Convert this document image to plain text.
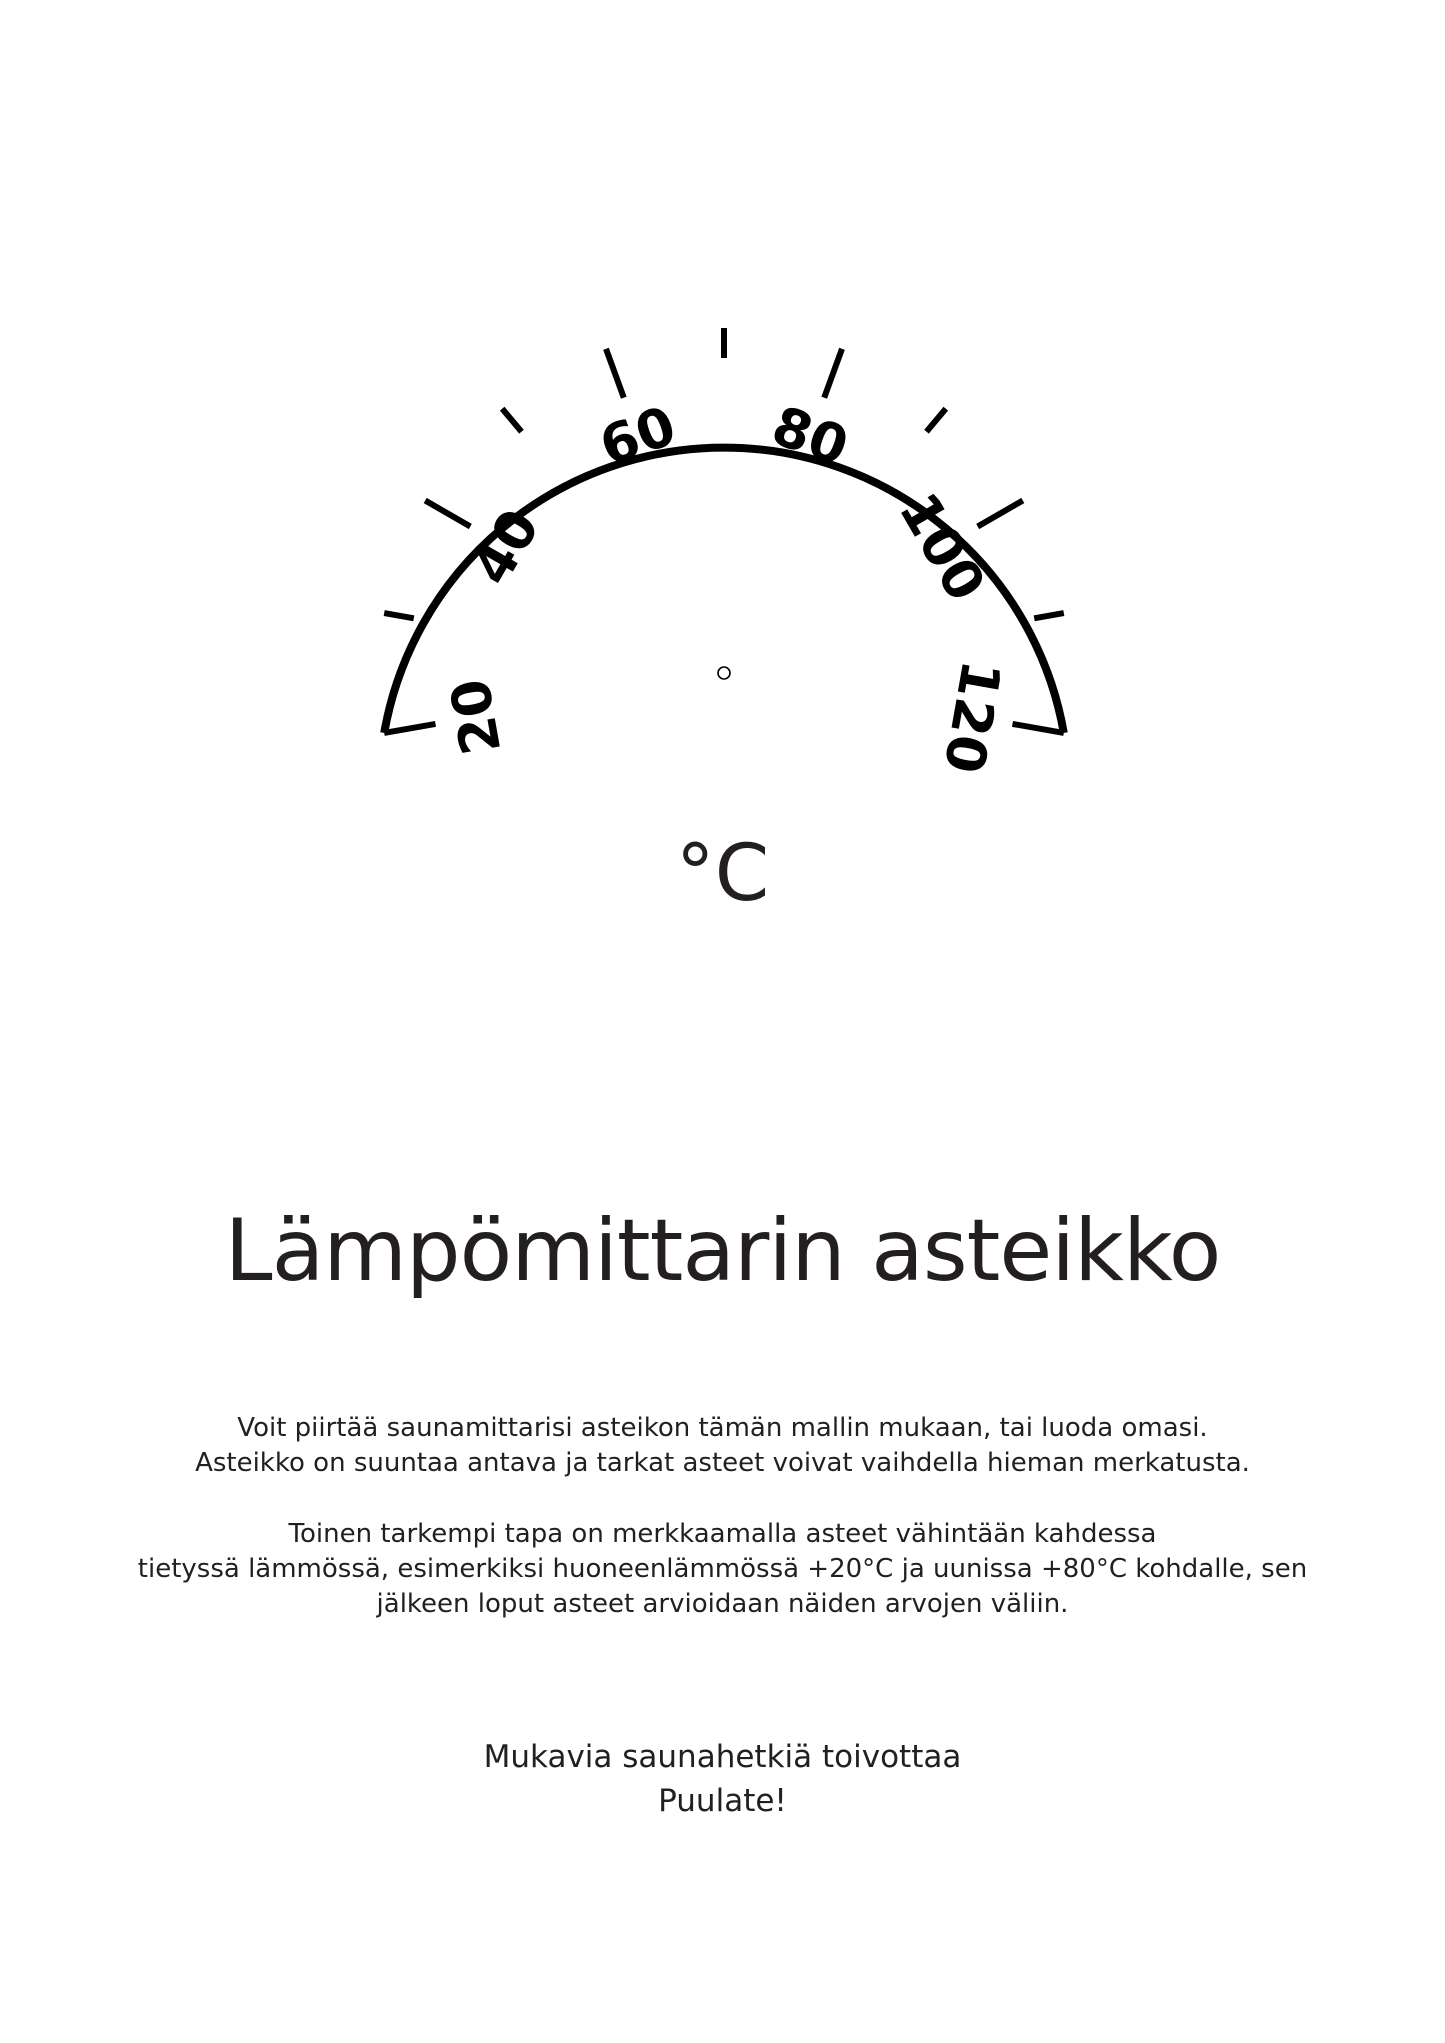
20
40
60 80
100
120
°C
Lämpömittarin asteikko
Voit piirtää saunamittarisi asteikon tämän mallin mukaan, tai luoda omasi.
Asteikko on suuntaa antava ja tarkat asteet voivat vaihdella hieman merkatusta.
Toinen tarkempi tapa on merkkaamalla asteet vähintään kahdessa
tietyssä lämmössä, esimerkiksi huoneenlämmössä +20°C ja uunissa +80°C kohdalle, sen
jälkeen loput asteet arvioidaan näiden arvojen väliin.
Mukavia saunahetkiä toivottaa
Puulate!
